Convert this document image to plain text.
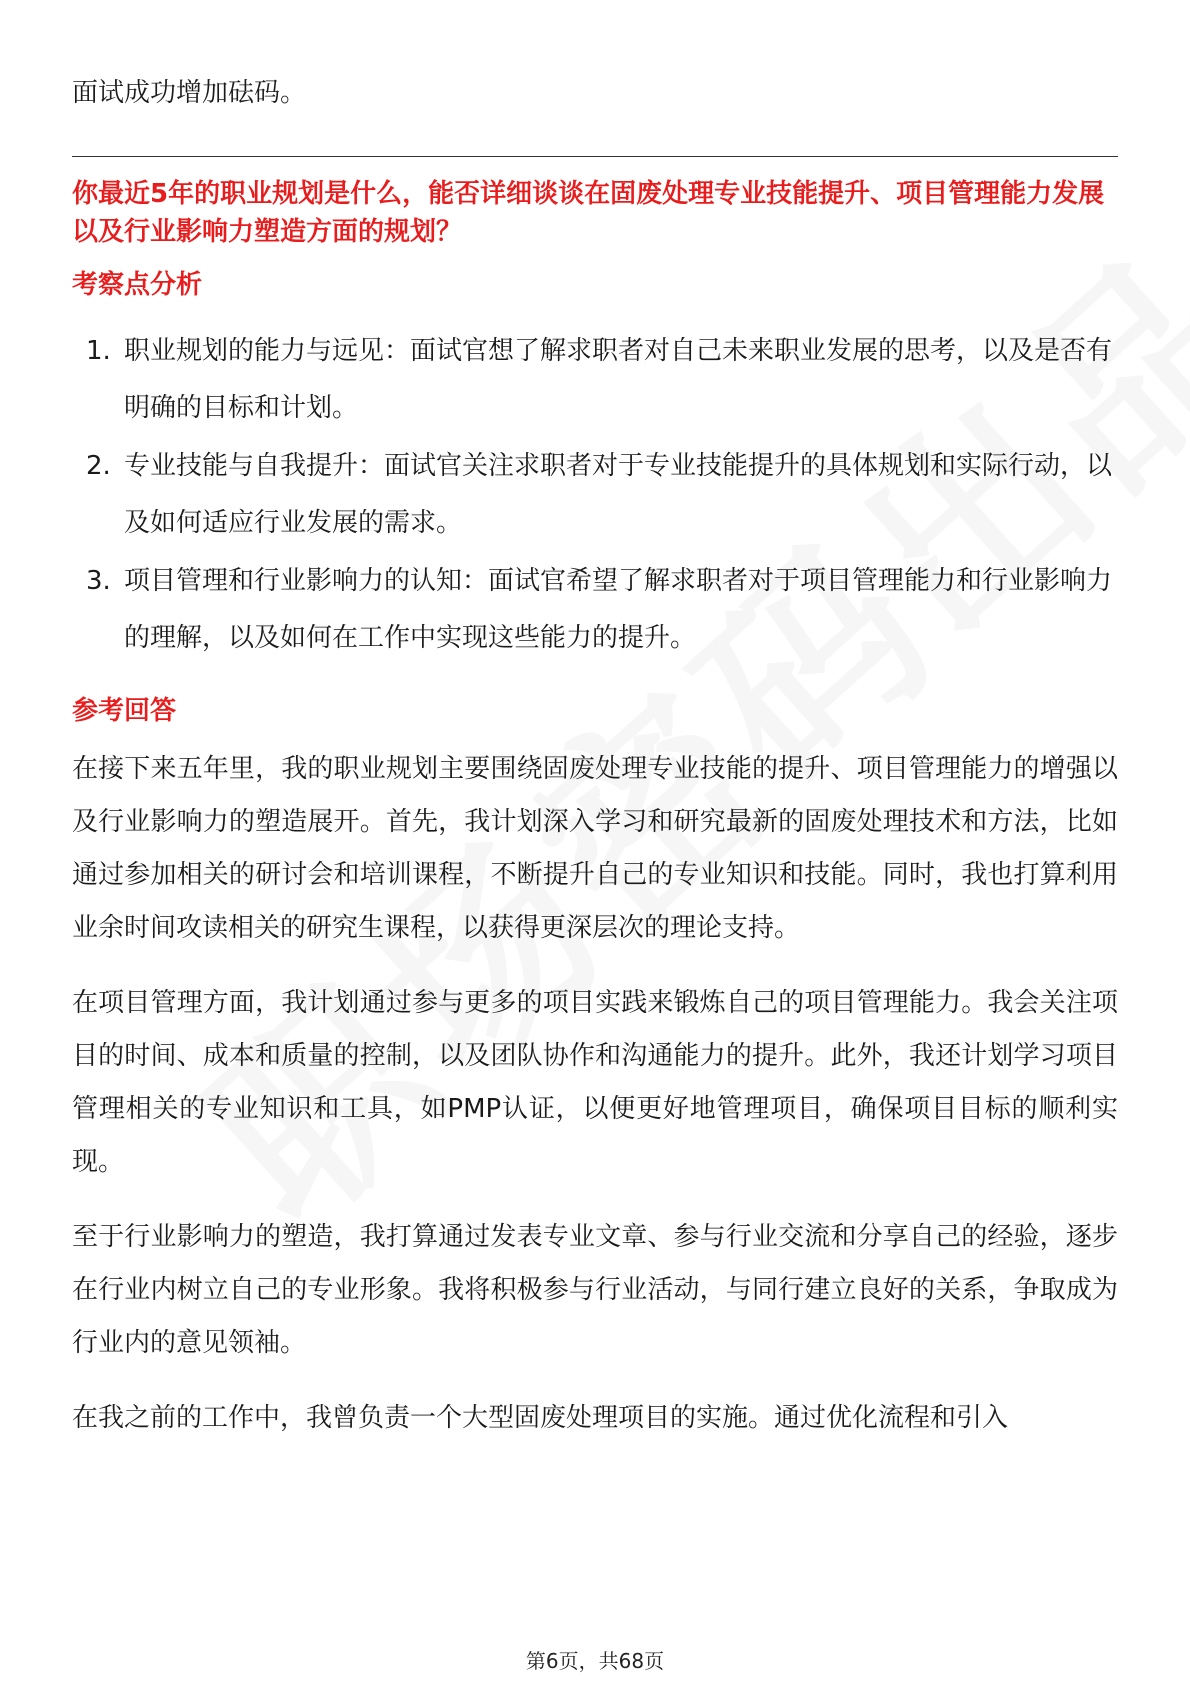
面试成功增加砝码。

你最近5年的职业规划是什么，能否详细谈谈在固废处理专业技能提升、项目管理能力发展以及行业影响力塑造方面的规划？
考察点分析
1. 职业规划的能力与远见：面试官想了解求职者对自己未来职业发展的思考，以及是否有明确的目标和计划。
2. 专业技能与自我提升：面试官关注求职者对于专业技能提升的具体规划和实际行动，以及如何适应行业发展的需求。
3. 项目管理和行业影响力的认知：面试官希望了解求职者对于项目管理能力和行业影响力的理解，以及如何在工作中实现这些能力的提升。
参考回答

在接下来五年里，我的职业规划主要围绕固废处理专业技能的提升、项目管理能力的增强以及行业影响力的塑造展开。首先，我计划深入学习和研究最新的固废处理技术和方法，比如通过参加相关的研讨会和培训课程，不断提升自己的专业知识和技能。同时，我也打算利用业余时间攻读相关的研究生课程，以获得更深层次的理论支持。

在项目管理方面，我计划通过参与更多的项目实践来锻炼自己的项目管理能力。我会关注项目的时间、成本和质量的控制，以及团队协作和沟通能力的提升。此外，我还计划学习项目管理相关的专业知识和工具，如PMP认证，以便更好地管理项目，确保项目目标的顺利实现。

至于行业影响力的塑造，我打算通过发表专业文章、参与行业交流和分享自己的经验，逐步在行业内树立自己的专业形象。我将积极参与行业活动，与同行建立良好的关系，争取成为行业内的意见领袖。

在我之前的工作中，我曾负责一个大型固废处理项目的实施。通过优化流程和引入

第6页，共68页
